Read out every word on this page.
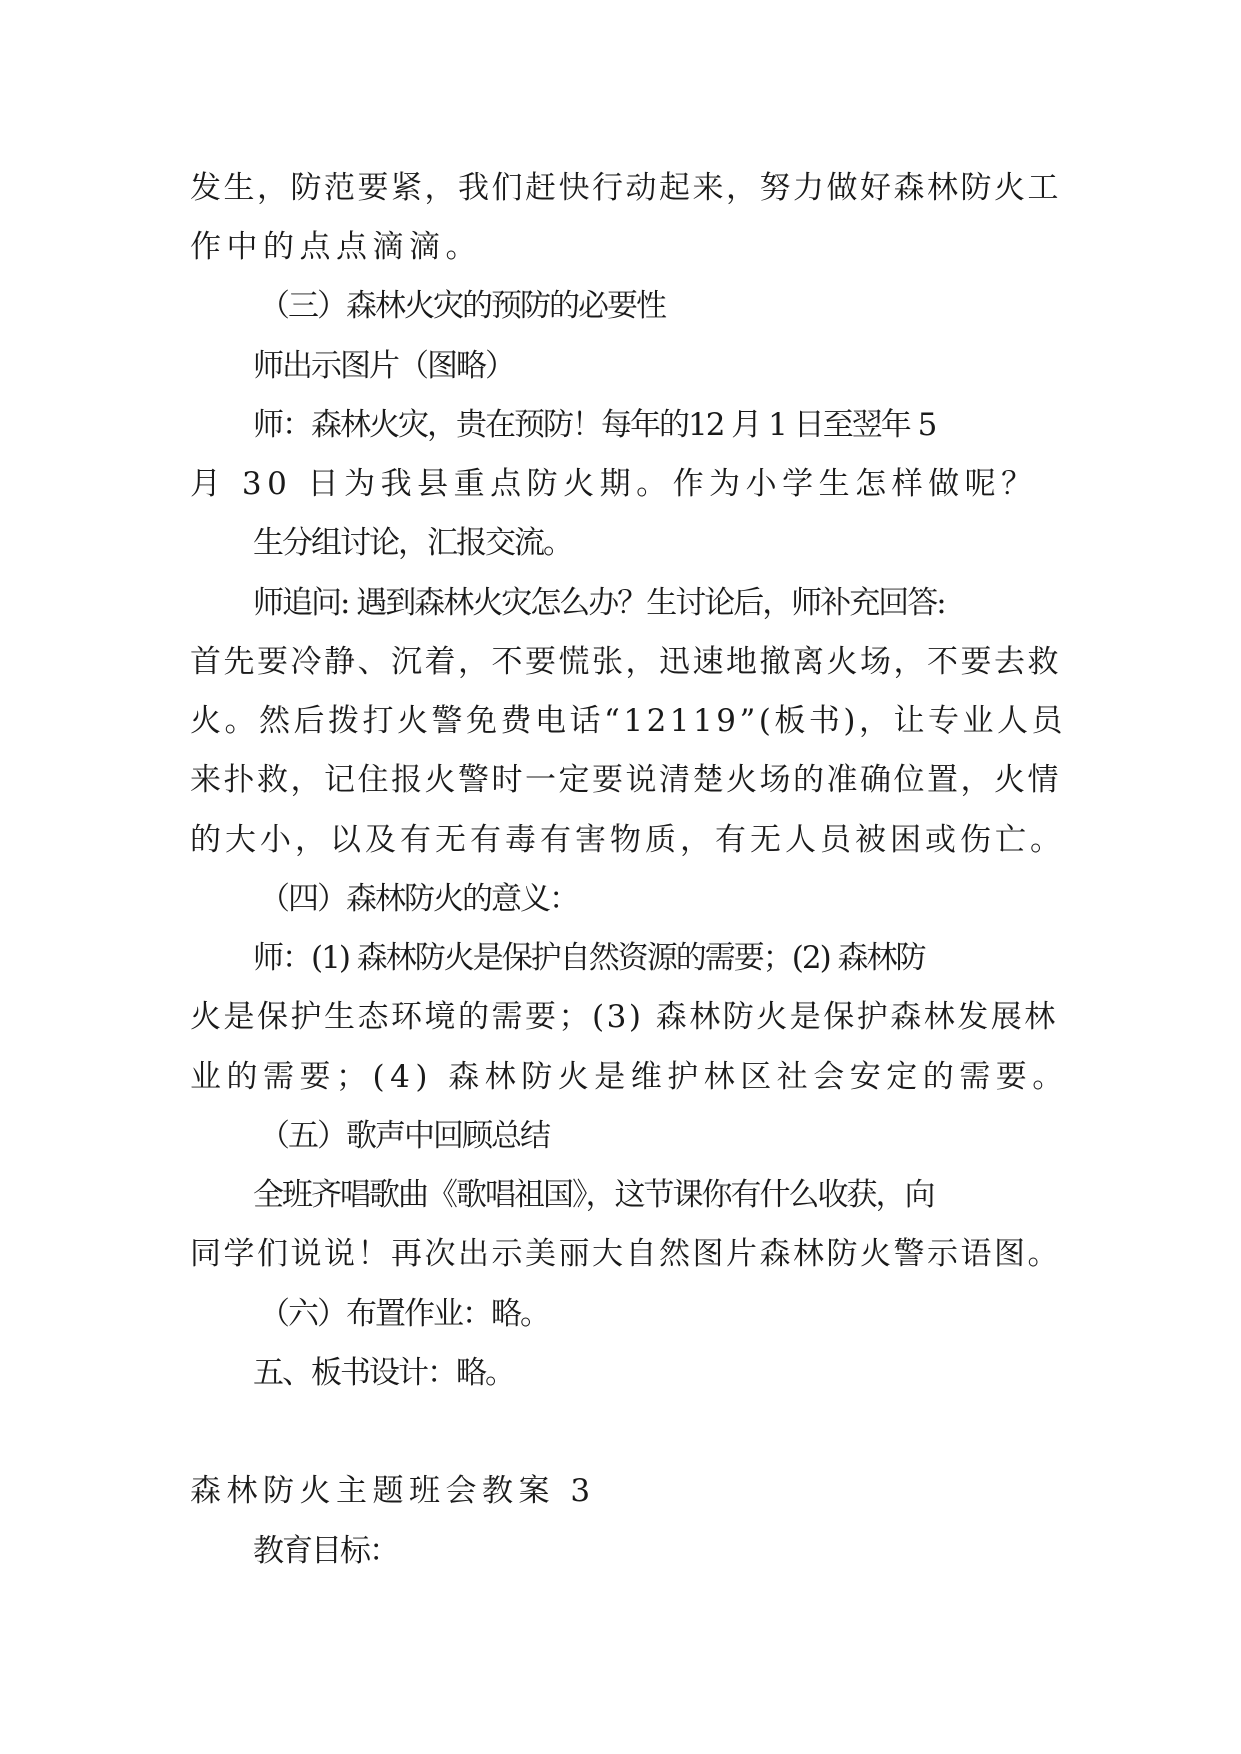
发生，防范要紧，我们赶快行动起来，努力做好森林防火工
作中的点点滴滴。
（三）森林火灾的预防的必要性
师出示图片（图略）
师：森林火灾，贵在预防！每年的12 月 1 日至翌年 5
月 30 日为我县重点防火期。作为小学生怎样做呢？
生分组讨论，汇报交流。
师追问: 遇到森林火灾怎么办？生讨论后，师补充回答:
首先要冷静、沉着，不要慌张，迅速地撤离火场，不要去救
火。然后拨打火警免费电话“12119”(板书)，让专业人员
来扑救，记住报火警时一定要说清楚火场的准确位置，火情
的大小，以及有无有毒有害物质，有无人员被困或伤亡。
（四）森林防火的意义：
师：(1) 森林防火是保护自然资源的需要；(2) 森林防
火是保护生态环境的需要；(3) 森林防火是保护森林发展林
业的需要；(4) 森林防火是维护林区社会安定的需要。
（五）歌声中回顾总结
全班齐唱歌曲《歌唱祖国》，这节课你有什么收获，向
同学们说说！再次出示美丽大自然图片森林防火警示语图。
（六）布置作业：略。
五、板书设计：略。
森林防火主题班会教案 3
教育目标：
